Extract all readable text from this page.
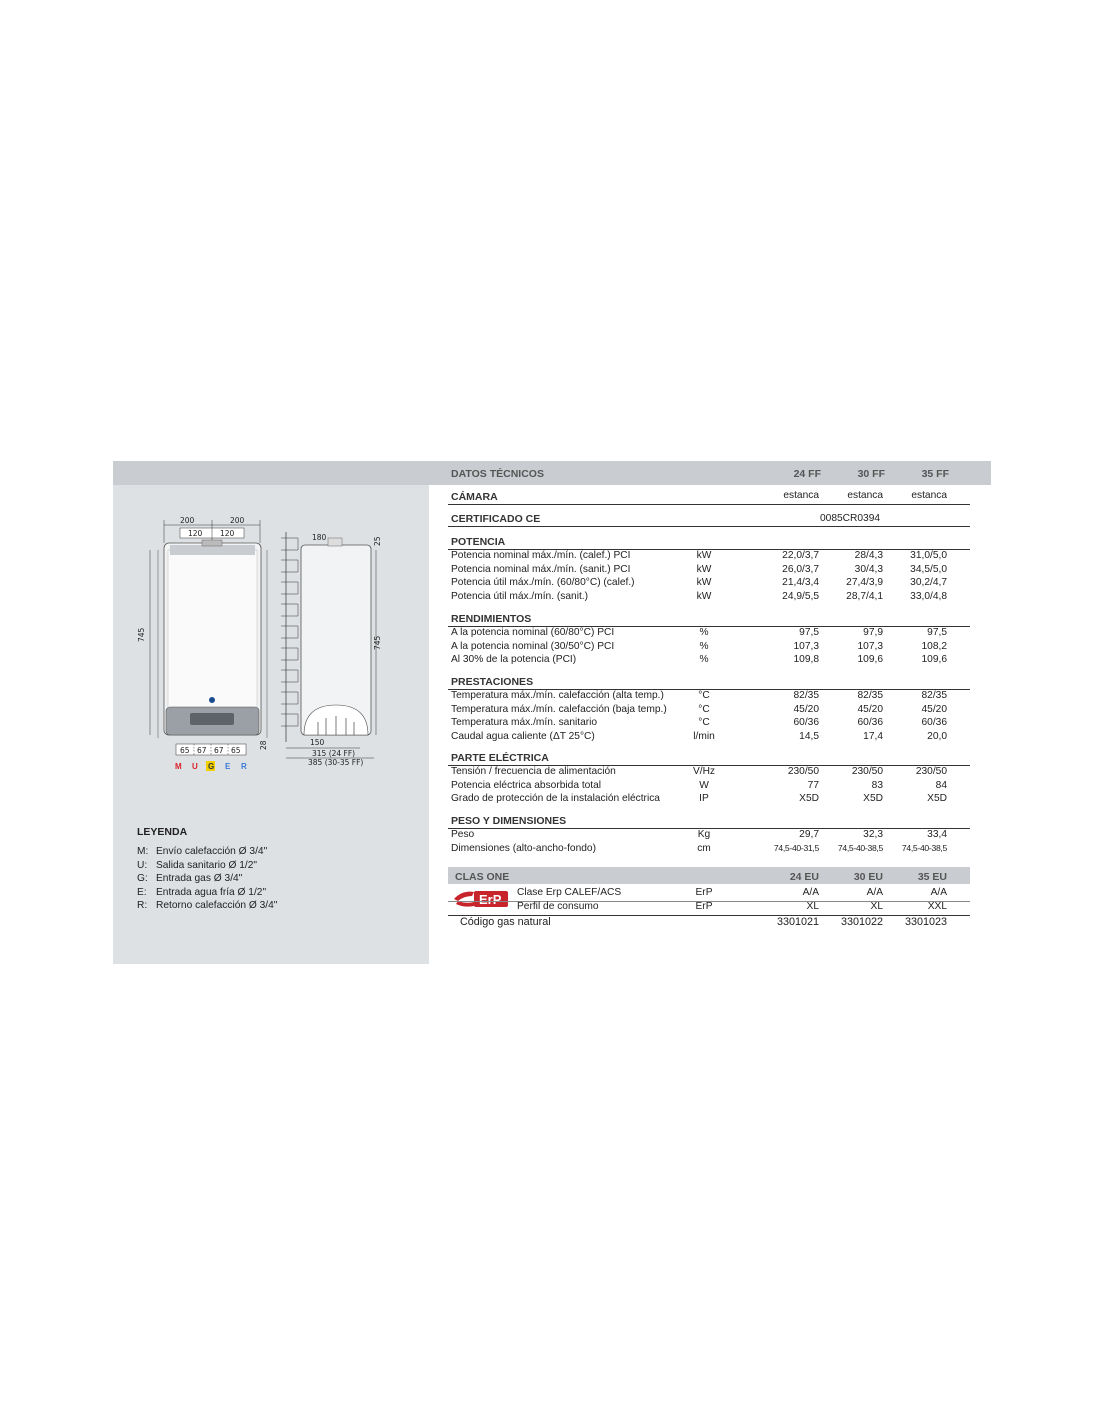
200	200
120 120
745
65 67 67 65
28
M U G E R
180	25
745
150
315 (24 FF)
385 (30-35 FF)
LEYENDA
M: Envío calefacción Ø 3/4"
U: Salida sanitario Ø 1/2"
G: Entrada gas Ø 3/4"
E: Entrada agua fría Ø 1/2"
R: Retorno calefacción Ø 3/4"
DATOS TÉCNICOS	24 FF	30 FF	35 FF
CÁMARA	estanca	estanca	estanca
CERTIFICADO CE	0085CR0394
POTENCIA
Potencia nominal máx./mín. (calef.) PCI	kW	22,0/3,7	28/4,3	31,0/5,0
Potencia nominal máx./mín. (sanit.) PCI	kW	26,0/3,7	30/4,3	34,5/5,0
Potencia útil máx./mín. (60/80°C) (calef.)	kW	21,4/3,4	27,4/3,9	30,2/4,7
Potencia útil máx./mín. (sanit.)	kW	24,9/5,5	28,7/4,1	33,0/4,8
RENDIMIENTOS
A la potencia nominal (60/80°C) PCI	%	97,5	97,9	97,5
A la potencia nominal (30/50°C) PCI	%	107,3	107,3	108,2
Al 30% de la potencia (PCI)	%	109,8	109,6	109,6
PRESTACIONES
Temperatura máx./mín. calefacción (alta temp.)	°C	82/35	82/35	82/35
Temperatura máx./mín. calefacción (baja temp.)	°C	45/20	45/20	45/20
Temperatura máx./mín. sanitario	°C	60/36	60/36	60/36
Caudal agua caliente (ΔT 25°C)	l/min	14,5	17,4	20,0
PARTE ELÉCTRICA
Tensión / frecuencia de alimentación	V/Hz	230/50	230/50	230/50
Potencia eléctrica absorbida total	W	77	83	84
Grado de protección de la instalación eléctrica	IP	X5D	X5D	X5D
PESO Y DIMENSIONES
Peso	Kg	29,7	32,3	33,4
Dimensiones (alto-ancho-fondo)	cm	74,5-40-31,5 74,5-40-38,5 74,5-40-38,5
CLAS ONE	24 EU	30 EU	35 EU
ErP Clase Erp CALEF/ACS	ErP	A/A	A/A	A/A
Perfil de consumo	ErP	XL	XL	XXL
Código gas natural	3301021 3301022 3301023
